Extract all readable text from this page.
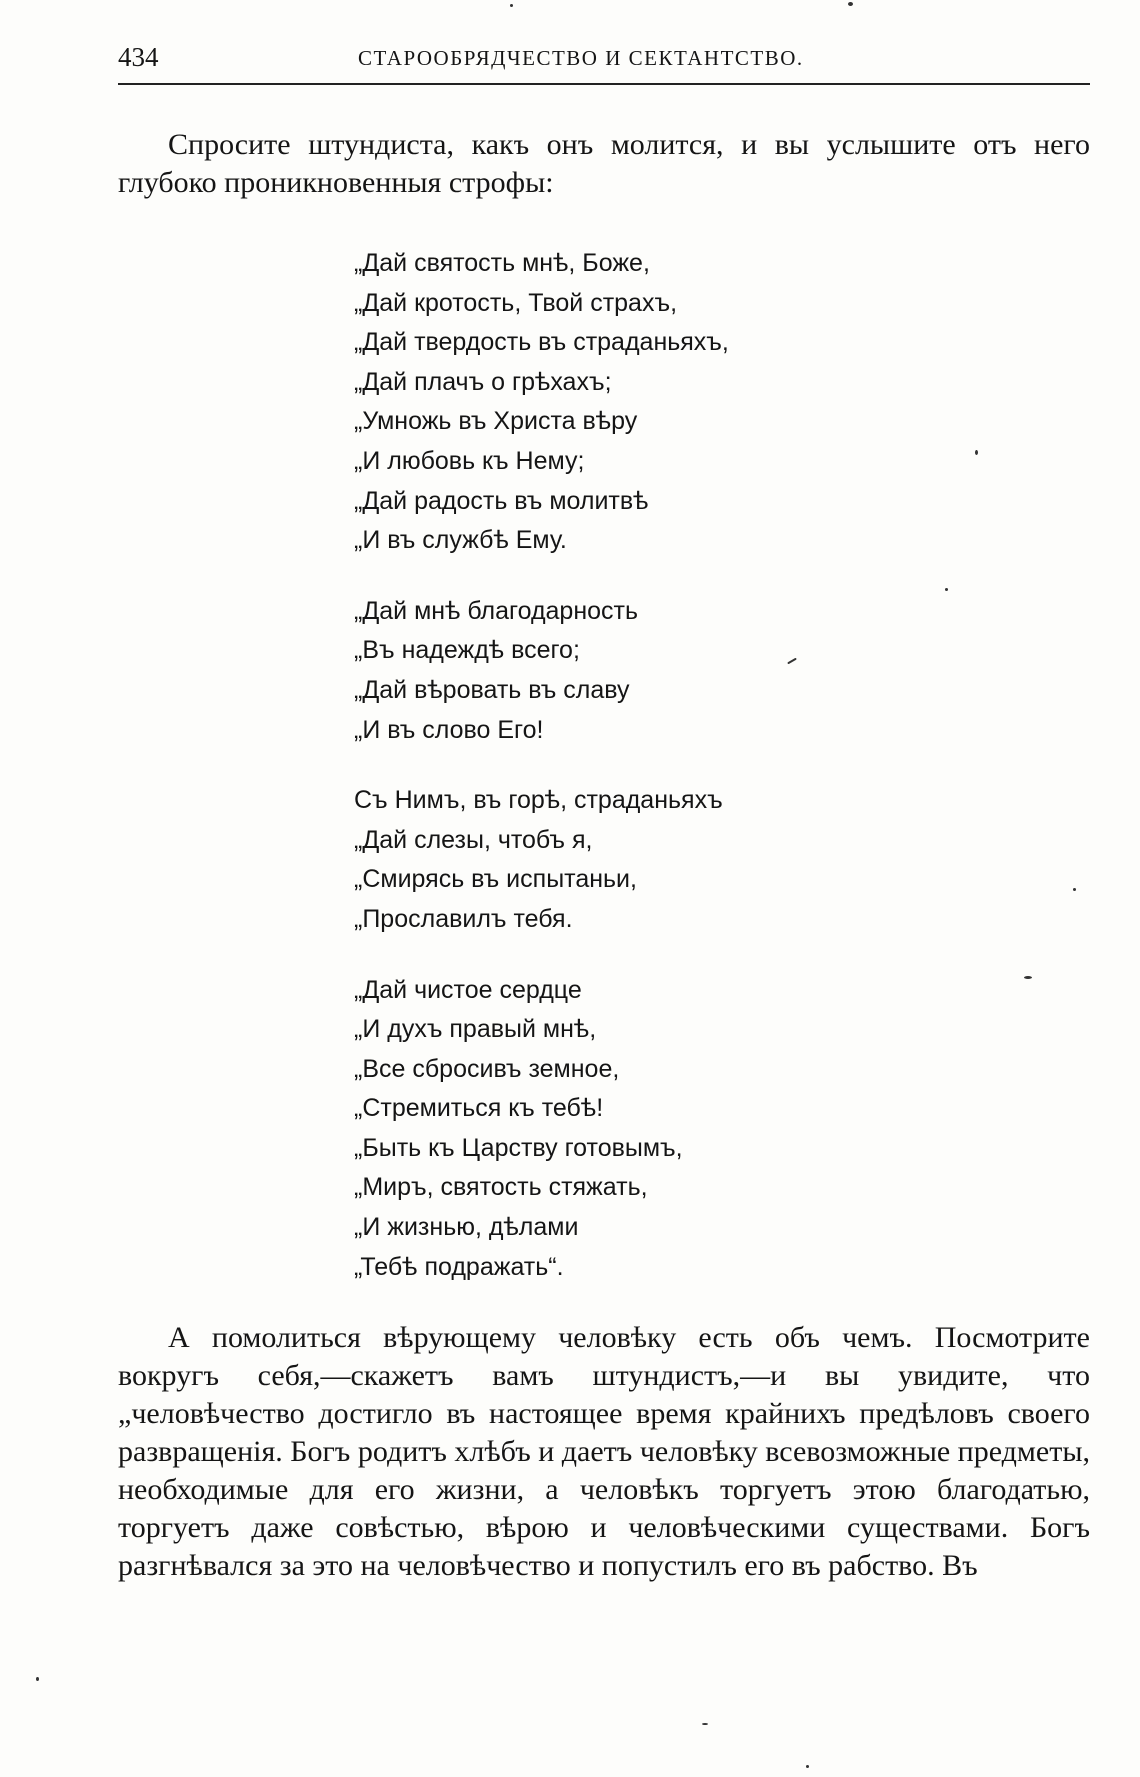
434	СТАРООБРЯДЧЕСТВО И СЕКТАНТСТВО.

Спросите штундиста, какъ онъ молится, и вы услышите отъ него глубоко проникновенныя строфы:

„Дай святость мнѣ, Боже,
„Дай кротость, Твой страхъ,
„Дай твердость въ страданьяхъ,
„Дай плачъ о грѣхахъ;
„Умножь въ Христа вѣру
„И любовь къ Нему;
„Дай радость въ молитвѣ
„И въ службѣ Ему.
„Дай мнѣ благодарность
„Въ надеждѣ всего;
„Дай вѣровать въ славу
„И въ слово Его!
Съ Нимъ, въ горѣ, страданьяхъ
„Дай слезы, чтобъ я,
„Смирясь въ испытаньи,
„Прославилъ тебя.
„Дай чистое сердце
„И духъ правый мнѣ,
„Все сбросивъ земное,
„Стремиться къ тебѣ!
„Быть къ Царству готовымъ,
„Миръ, святость стяжать,
„И жизнью, дѣлами
„Тебѣ подражать“.

А помолиться вѣрующему человѣку есть объ чемъ. Посмотрите вокругъ себя,—скажетъ вамъ штундистъ,—и вы увидите, что „человѣчество достигло въ настоящее время крайнихъ предѣловъ своего развращенія. Богъ родитъ хлѣбъ и даетъ человѣку всевозможные предметы, необходимые для его жизни, а человѣкъ торгуетъ этою благодатью, торгуетъ даже совѣстью, вѣрою и человѣческими существами. Богъ разгнѣвался за это на человѣчество и попустилъ его въ рабство. Въ
